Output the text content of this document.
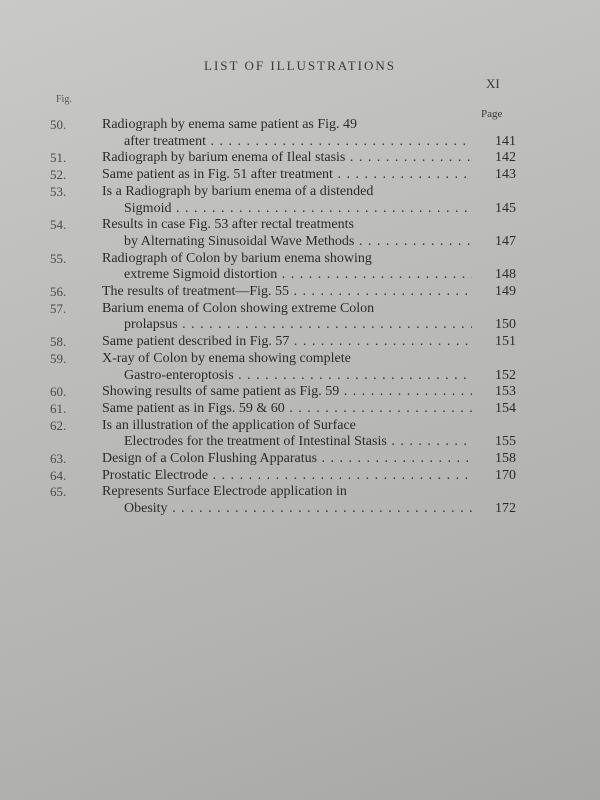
LIST OF ILLUSTRATIONS
XI
Fig.
Page
50.	Radiograph by enema same patient as Fig. 49
after treatment . . .	141
51.	Radiograph by barium enema of Ileal stasis . . .	142
52.	Same patient as in Fig. 51 after treatment . . .	143
53.	Is a Radiograph by barium enema of a distended
Sigmoid . . .	145
54.	Results in case Fig. 53 after rectal treatments
by Alternating Sinusoidal Wave Methods . . .	147
55.	Radiograph of Colon by barium enema showing
extreme Sigmoid distortion . . .	148
56.	The results of treatment—Fig. 55 . . .	149
57.	Barium enema of Colon showing extreme Colon
prolapsus . . .	150
58.	Same patient described in Fig. 57 . . .	151
59.	X-ray of Colon by enema showing complete
Gastro-enteroptosis . . .	152
60.	Showing results of same patient as Fig. 59 . . .	153
61.	Same patient as in Figs. 59 & 60 . . .	154
62.	Is an illustration of the application of Surface
Electrodes for the treatment of Intestinal Stasis . . .	155
63.	Design of a Colon Flushing Apparatus . . .	158
64.	Prostatic Electrode . . .	170
65.	Represents Surface Electrode application in
Obesity . . .	172
